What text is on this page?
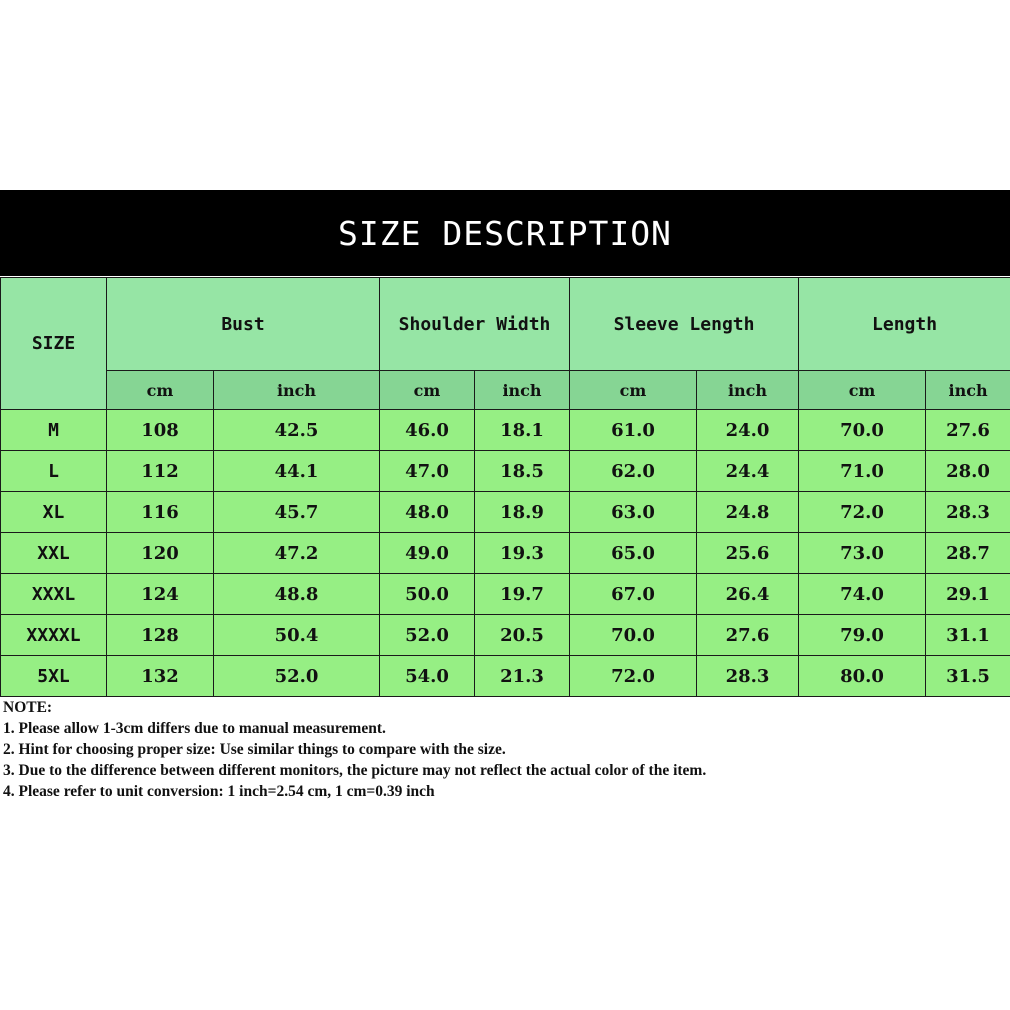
SIZE DESCRIPTION
SIZE	Bust		Shoulder Width		Sleeve Length		Length	
	cm	inch	cm	inch	cm	inch	cm	inch
M	108	42.5	46.0	18.1	61.0	24.0	70.0	27.6
L	112	44.1	47.0	18.5	62.0	24.4	71.0	28.0
XL	116	45.7	48.0	18.9	63.0	24.8	72.0	28.3
XXL	120	47.2	49.0	19.3	65.0	25.6	73.0	28.7
XXXL	124	48.8	50.0	19.7	67.0	26.4	74.0	29.1
XXXXL	128	50.4	52.0	20.5	70.0	27.6	79.0	31.1
5XL	132	52.0	54.0	21.3	72.0	28.3	80.0	31.5
NOTE:
1. Please allow 1-3cm differs due to manual measurement.
2. Hint for choosing proper size: Use similar things to compare with the size.
3. Due to the difference between different monitors, the picture may not reflect the actual color of the item.
4. Please refer to unit conversion: 1 inch=2.54 cm, 1 cm=0.39 inch
